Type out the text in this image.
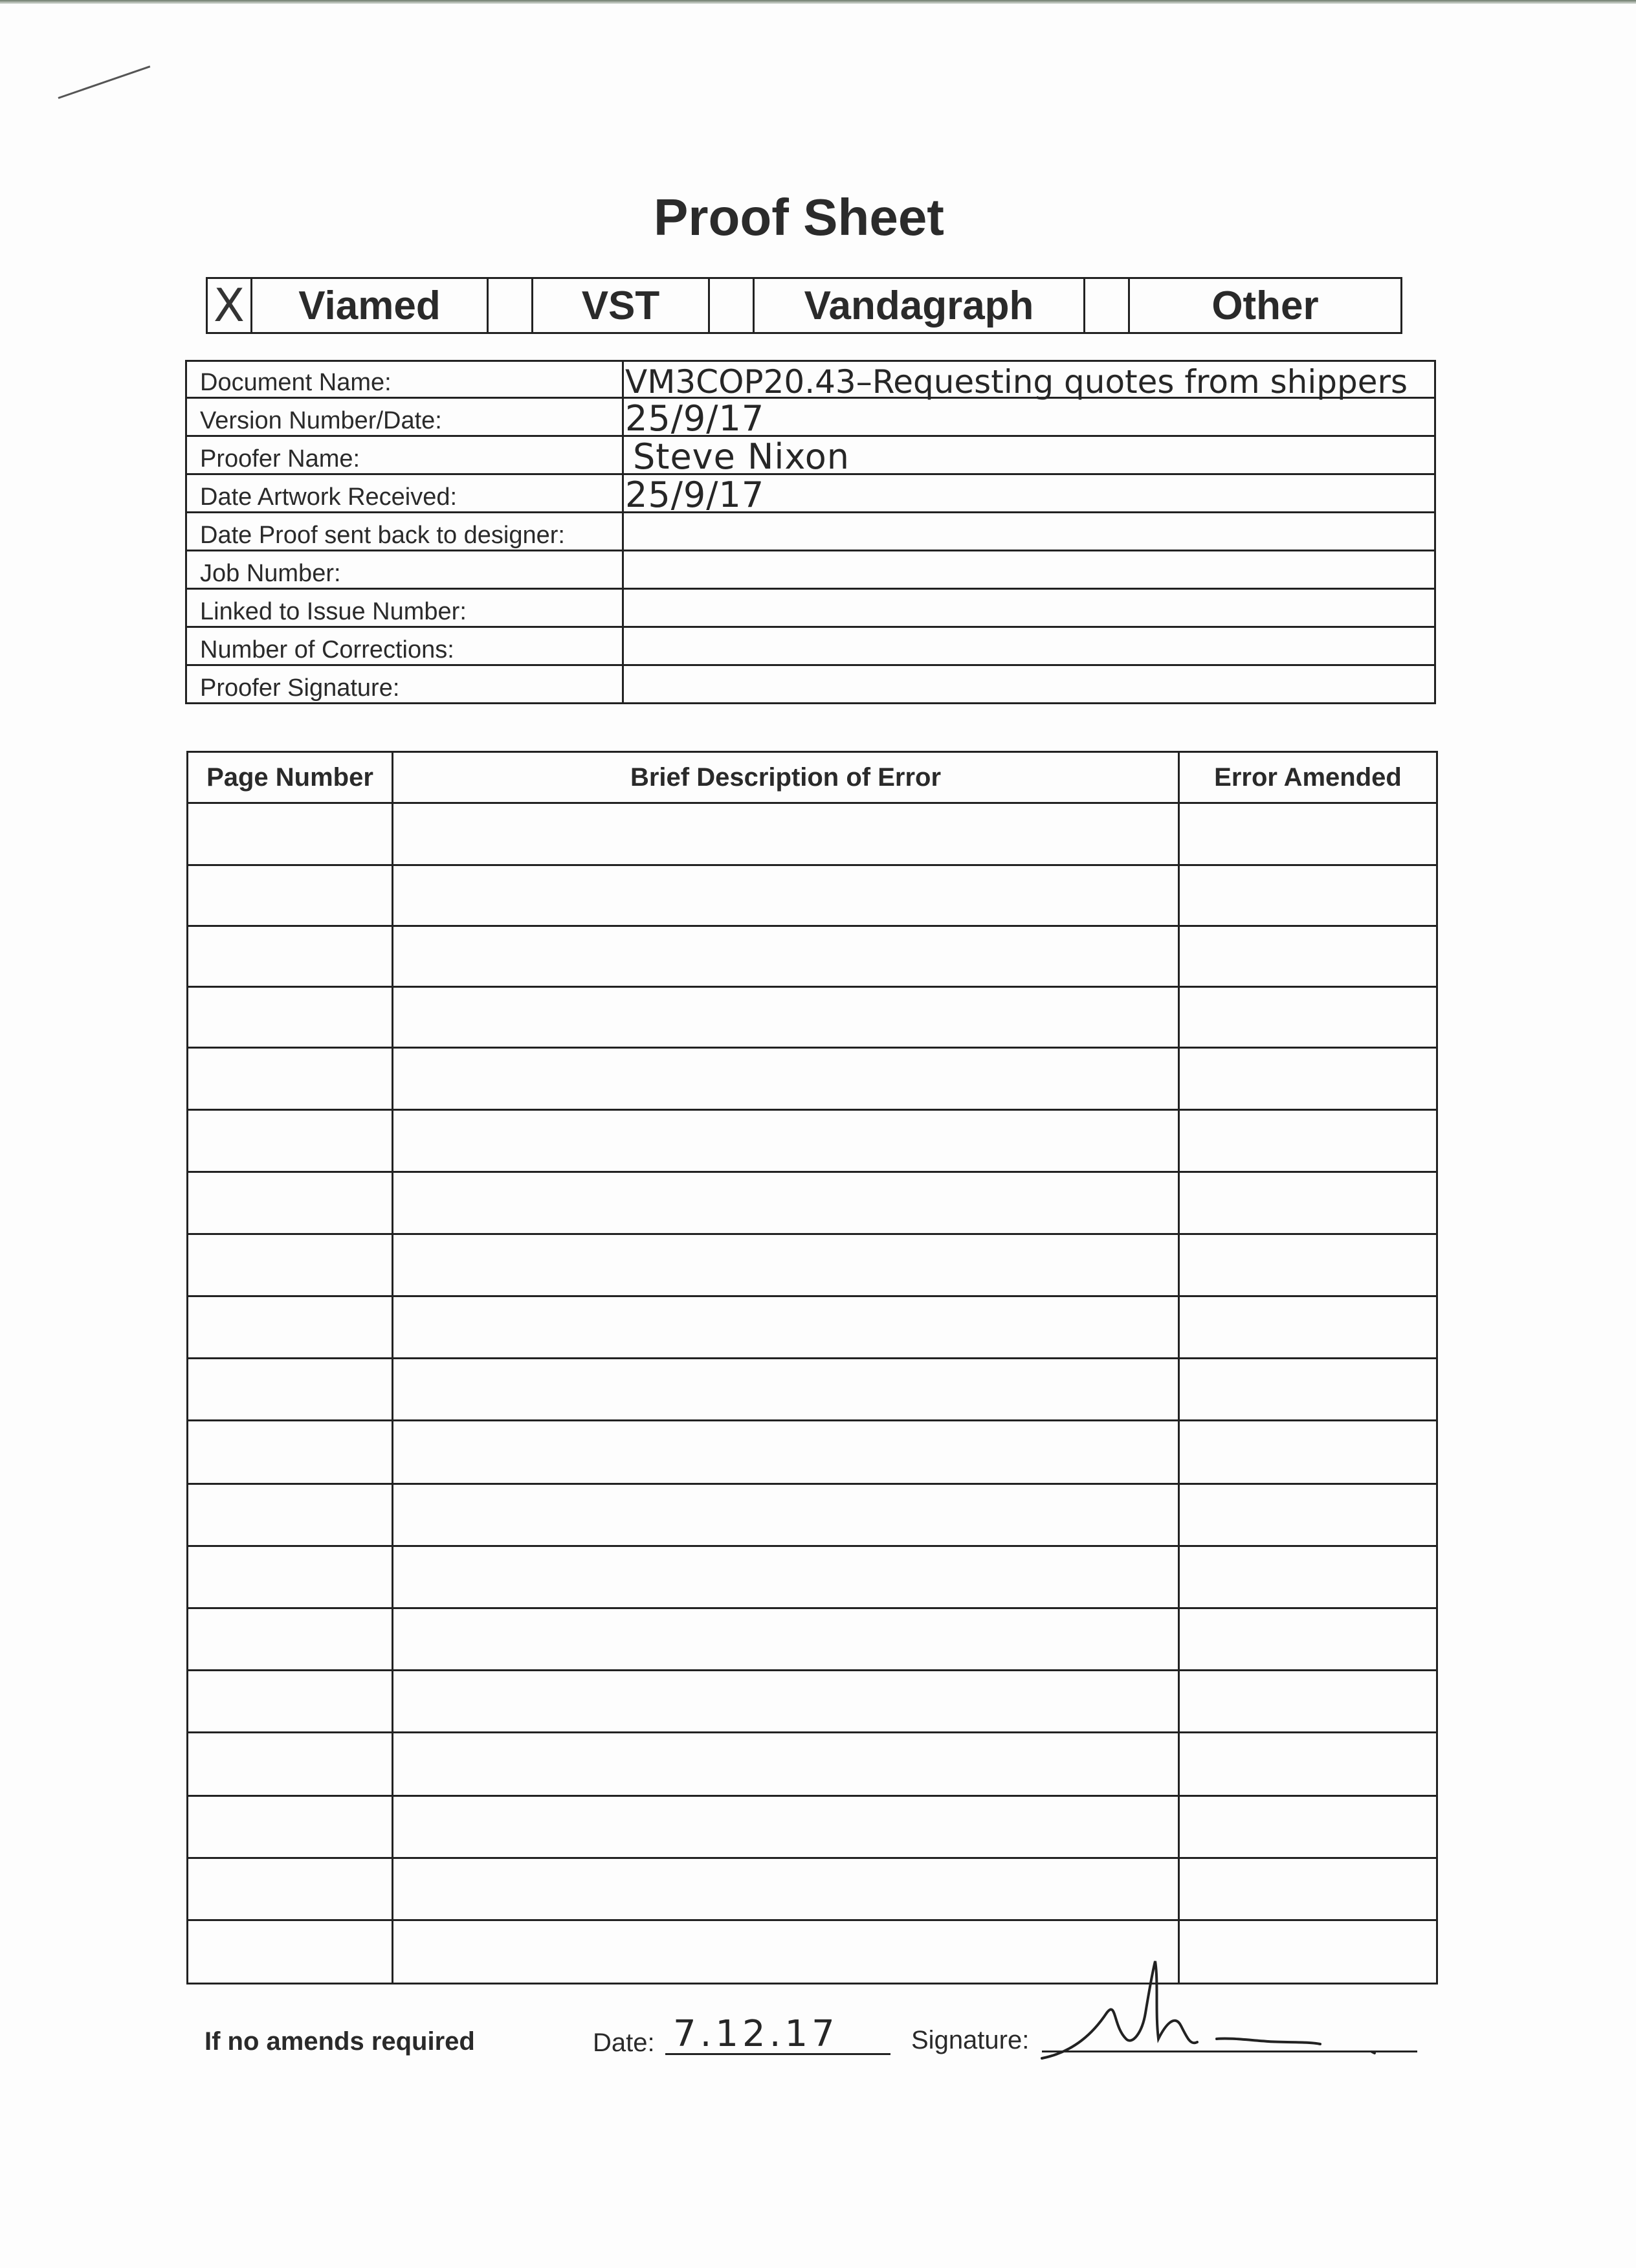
Proof Sheet
X	Viamed		VST		Vandagraph		Other
Document Name:	VM3COP20.43–Requesting quotes from shippers

Version Number/Date:	25/9/17

Proofer Name:	Steve Nixon

Date Artwork Received:	25/9/17

Date Proof sent back to designer:	

Job Number:	

Linked to Issue Number:	

Number of Corrections:	

Proofer Signature:	
Page Number	Brief Description of Error	Error Amended

If no amends required	Date: 7.12.17	Signature:
